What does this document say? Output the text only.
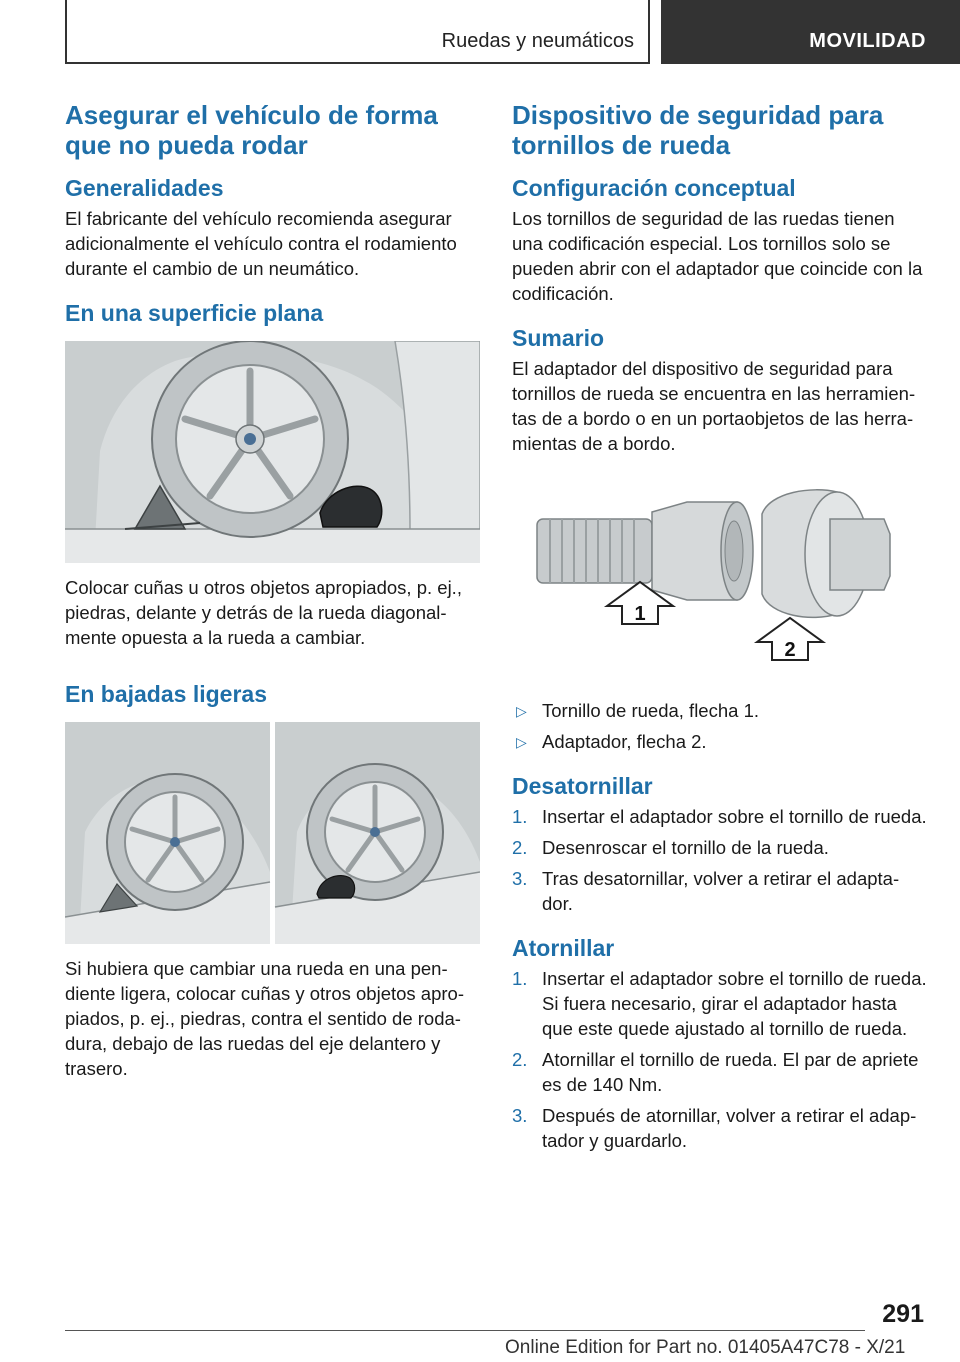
Ruedas y neumáticos	MOVILIDAD
Asegurar el vehículo de forma que no pueda rodar
Generalidades

El fabricante del vehículo recomienda asegurar adicionalmente el vehículo contra el rodamiento durante el cambio de un neumático.

En una superficie plana

Colocar cuñas u otros objetos apropiados, p. ej., piedras, delante y detrás de la rueda diagonal‐mente opuesta a la rueda a cambiar.

En bajadas ligeras

Si hubiera que cambiar una rueda en una pen‐diente ligera, colocar cuñas y otros objetos apro‐piados, p. ej., piedras, contra el sentido de roda‐dura, debajo de las ruedas del eje delantero y trasero.

Dispositivo de seguridad para tornillos de rueda
Configuración conceptual

Los tornillos de seguridad de las ruedas tienen una codificación especial. Los tornillos solo se pueden abrir con el adaptador que coincide con la codificación.

Sumario

El adaptador del dispositivo de seguridad para tornillos de rueda se encuentra en las herramien‐tas de a bordo o en un portaobjetos de las herra‐mientas de a bordo.

1
2
▷ Tornillo de rueda, flecha 1.
▷ Adaptador, flecha 2.
Desatornillar
1. Insertar el adaptador sobre el tornillo de rueda.
2. Desenroscar el tornillo de la rueda.
3. Tras desatornillar, volver a retirar el adapta‐dor.
Atornillar
1. Insertar el adaptador sobre el tornillo de rueda. Si fuera necesario, girar el adaptador hasta que este quede ajustado al tornillo de rueda.
2. Atornillar el tornillo de rueda. El par de apriete es de 140 Nm.
3. Después de atornillar, volver a retirar el adap‐tador y guardarlo.
291
Online Edition for Part no. 01405A47C78 - X/21
